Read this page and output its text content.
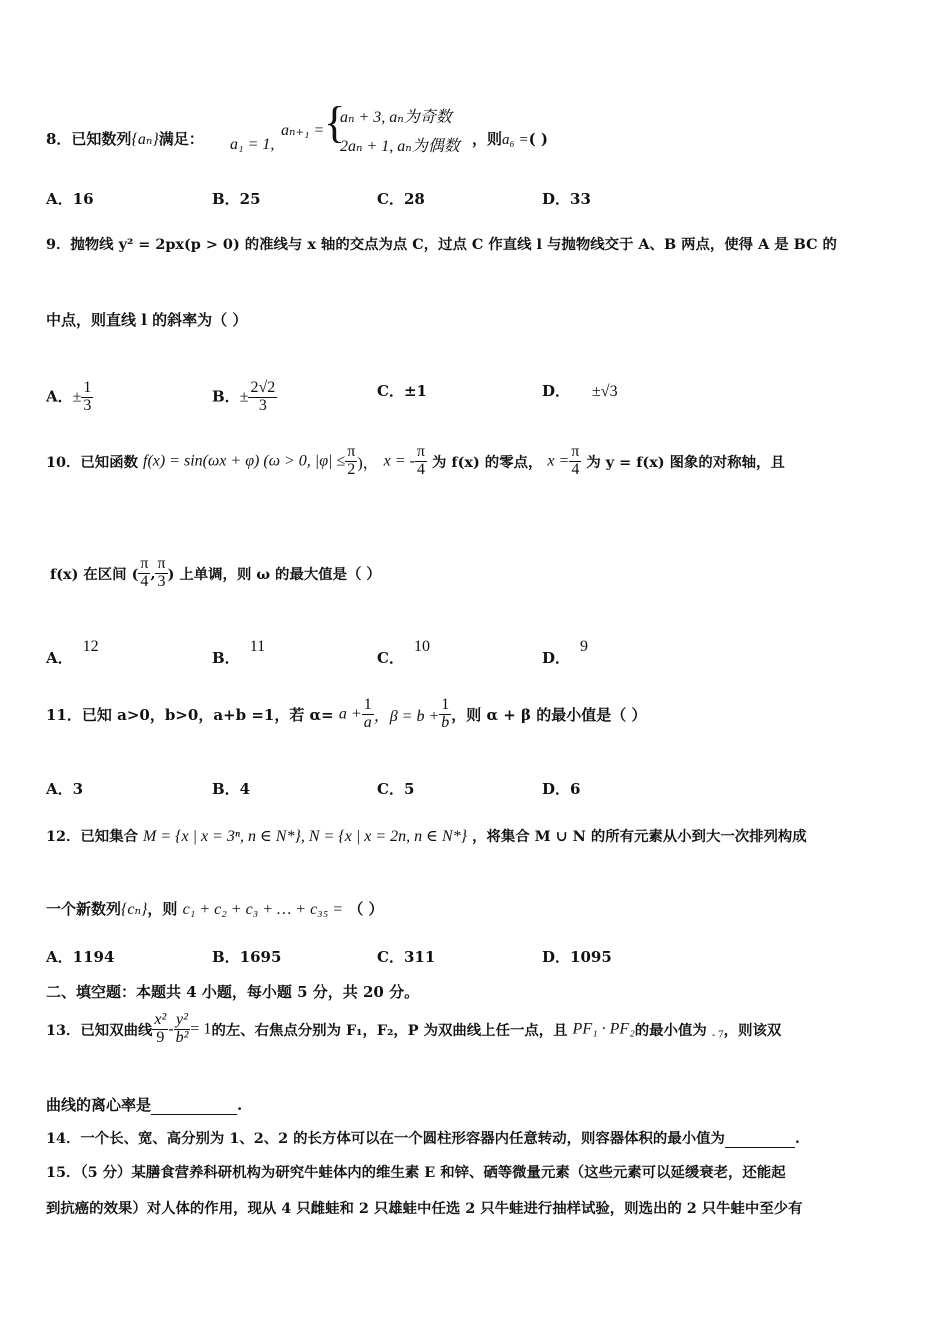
8．已知数列{aₙ}满足： a₁ = 1,
aₙ₊₁ = {
aₙ + 3, aₙ为奇数
2aₙ + 1, aₙ为偶数 ，则a₆ =( )
A．16	B．25	C．28	D．33
9．抛物线 y² = 2px(p > 0) 的准线与 x 轴的交点为点 C，过点 C 作直线 l 与抛物线交于 A、B 两点，使得 A 是 BC 的
中点，则直线 l 的斜率为（ ）
A．± $\frac{1}{3}$	B．± $\frac{2√2}{3}$	C．±1	D． ±√3
10．已知函数 f(x) = sin(ωx + φ) (ω > 0, $|\varphi| \le \frac{\pi}{2}$ )， x = - $\frac{\pi}{4}$ 为 f(x) 的零点， $x = \frac{\pi}{4}$ 为 y = f(x) 图象的对称轴，且
f(x) 在区间 ( $\frac{\pi}{4}$ , $\frac{\pi}{3}$ ) 上单调，则 ω 的最大值是（ ）
A．12
B．11
C．10
D．9
11．已知 a>0，b>0，a+b =1，若 $\alpha= a + \frac{1}{a}$ ，$\beta = b + \frac{1}{b}$ ，则 α + β 的最小值是（ ）
A．3	B．4	C．5	D．6
12．已知集合 M = {x | x = 3ⁿ, n ∈ N*}, N = {x | x = 2n, n ∈ N*} ，将集合 M ∪ N 的所有元素从小到大一次排列构成
一个新数列{cₙ}，则 c₁ + c₂ + c₃ + … + c₃₅ = （ ）
A．1194	B．1695	C．311	D．1095
二、填空题：本题共 4 小题，每小题 5 分，共 20 分。
13．已知双曲线 $\frac{\text{x²}}{9} - \frac{\text{y²}}{\text{b²}} = 1$的左、右焦点分别为 F₁，F₂，P 为双曲线上任一点，且 PF₁ · PF₂的最小值为 $_{- 7}$，则该双
曲线的离心率是	.
14．一个长、宽、高分别为 1、2、2 的长方体可以在一个圆柱形容器内任意转动，则容器体积的最小值为	.
15．（5 分）某膳食营养科研机构为研究牛蛙体内的维生素 E 和锌、硒等微量元素（这些元素可以延缓衰老，还能起
到抗癌的效果）对人体的作用，现从 4 只雌蛙和 2 只雄蛙中任选 2 只牛蛙进行抽样试验，则选出的 2 只牛蛙中至少有
